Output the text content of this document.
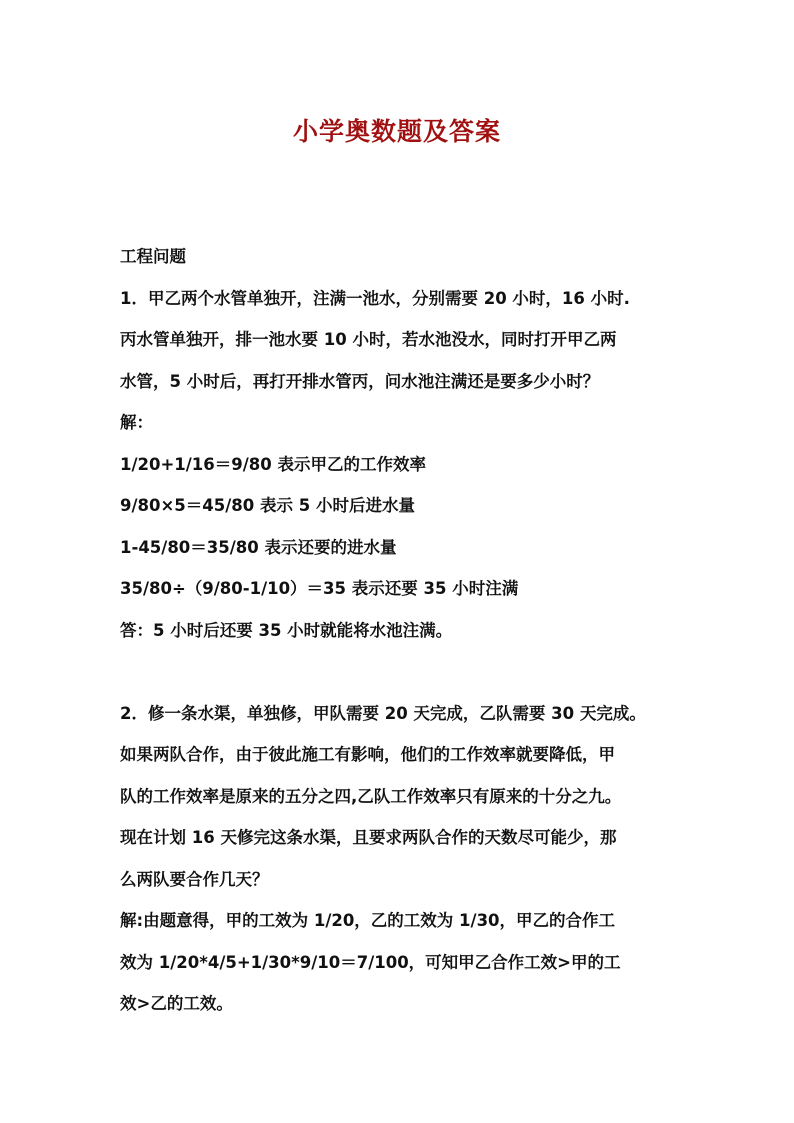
小学奥数题及答案
工程问题
1．甲乙两个水管单独开，注满一池水，分别需要 20 小时，16 小时.
丙水管单独开，排一池水要 10 小时，若水池没水，同时打开甲乙两
水管，5 小时后，再打开排水管丙，问水池注满还是要多少小时？
解：
1/20+1/16＝9/80 表示甲乙的工作效率
9/80×5＝45/80 表示 5 小时后进水量
1-45/80＝35/80 表示还要的进水量
35/80÷（9/80-1/10）＝35 表示还要 35 小时注满
答：5 小时后还要 35 小时就能将水池注满。
2．修一条水渠，单独修，甲队需要 20 天完成，乙队需要 30 天完成。
如果两队合作，由于彼此施工有影响，他们的工作效率就要降低，甲
队的工作效率是原来的五分之四,乙队工作效率只有原来的十分之九。
现在计划 16 天修完这条水渠，且要求两队合作的天数尽可能少，那
么两队要合作几天？
解:由题意得，甲的工效为 1/20，乙的工效为 1/30，甲乙的合作工
效为 1/20*4/5+1/30*9/10＝7/100，可知甲乙合作工效>甲的工
效>乙的工效。
